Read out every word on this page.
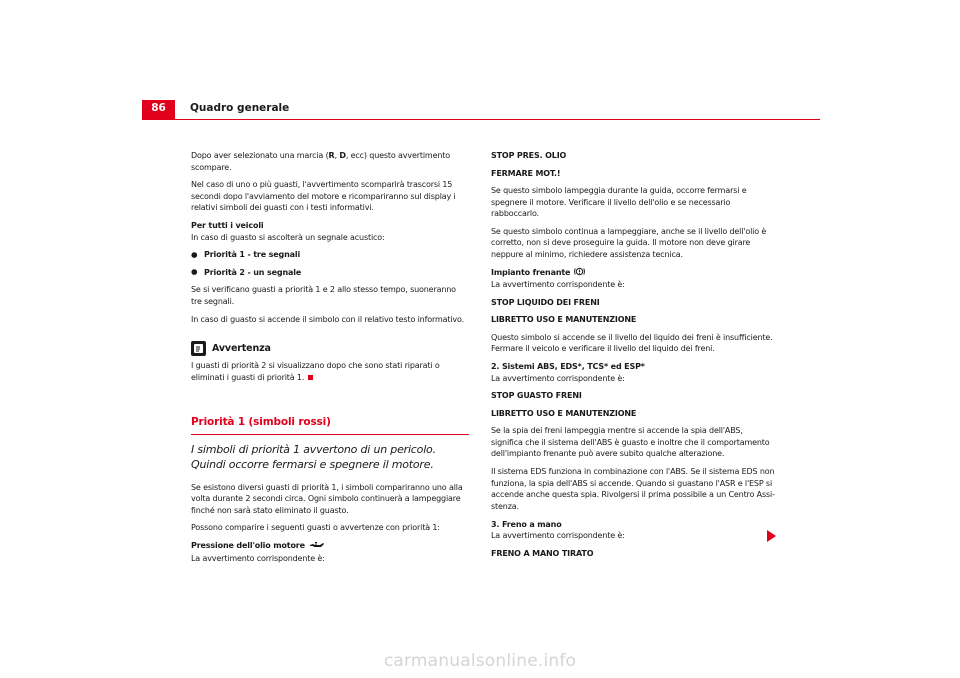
86	Quadro generale

Dopo aver selezionato una marcia (R, D, ecc) questo avvertimento scompare.

Nel caso di uno o più guasti, l'avvertimento scomparirà trascorsi 15 secondi dopo l'avviamento del motore e ricompariranno sul display i relativi simboli dei guasti con i testi informativi.

Per tutti i veicoli

In caso di guasto si ascolterà un segnale acustico:

● Priorità 1 - tre segnali
● Priorità 2 - un segnale

Se si verificano guasti a priorità 1 e 2 allo stesso tempo, suoneranno tre segnali.

In caso di guasto si accende il simbolo con il relativo testo informativo.

Avvertenza

I guasti di priorità 2 si visualizzano dopo che sono stati riparati o eliminati i guasti di priorità 1.

Priorità 1 (simboli rossi)
I simboli di priorità 1 avvertono di un pericolo. Quindi occorre fermarsi e spegnere il motore.

Se esistono diversi guasti di priorità 1, i simboli compariranno uno alla volta durante 2 secondi circa. Ogni simbolo continuerà a lampeggiare finché non sarà stato eliminato il guasto.

Possono comparire i seguenti guasti o avvertenze con priorità 1:

Pressione dell'olio motore

La avvertimento corrispondente è:

STOP PRES. OLIO

FERMARE MOT.!

Se questo simbolo lampeggia durante la guida, occorre fermarsi e spegnere il motore. Verificare il livello dell'olio e se necessario rabboccarlo.

Se questo simbolo continua a lampeggiare, anche se il livello dell'olio è corretto, non si deve proseguire la guida. Il motore non deve girare neppure al minimo, richiedere assistenza tecnica.

Impianto frenante

La avvertimento corrispondente è:

STOP LIQUIDO DEI FRENI

LIBRETTO USO E MANUTENZIONE

Questo simbolo si accende se il livello del liquido dei freni è insufficiente. Fermare il veicolo e verificare il livello del liquido dei freni.

2. Sistemi ABS, EDS*, TCS* ed ESP*

La avvertimento corrispondente è:

STOP GUASTO FRENI

LIBRETTO USO E MANUTENZIONE

Se la spia dei freni lampeggia mentre si accende la spia dell'ABS, significa che il sistema dell'ABS è guasto e inoltre che il comportamento dell'impianto frenante può avere subito qualche alterazione.

Il sistema EDS funziona in combinazione con l'ABS. Se il sistema EDS non funziona, la spia dell'ABS si accende. Quando si guastano l'ASR e l'ESP si accende anche questa spia. Rivolgersi il prima possibile a un Centro Assi-stenza.

3. Freno a mano

La avvertimento corrispondente è:

FRENO A MANO TIRATO

carmanualsonline.info
